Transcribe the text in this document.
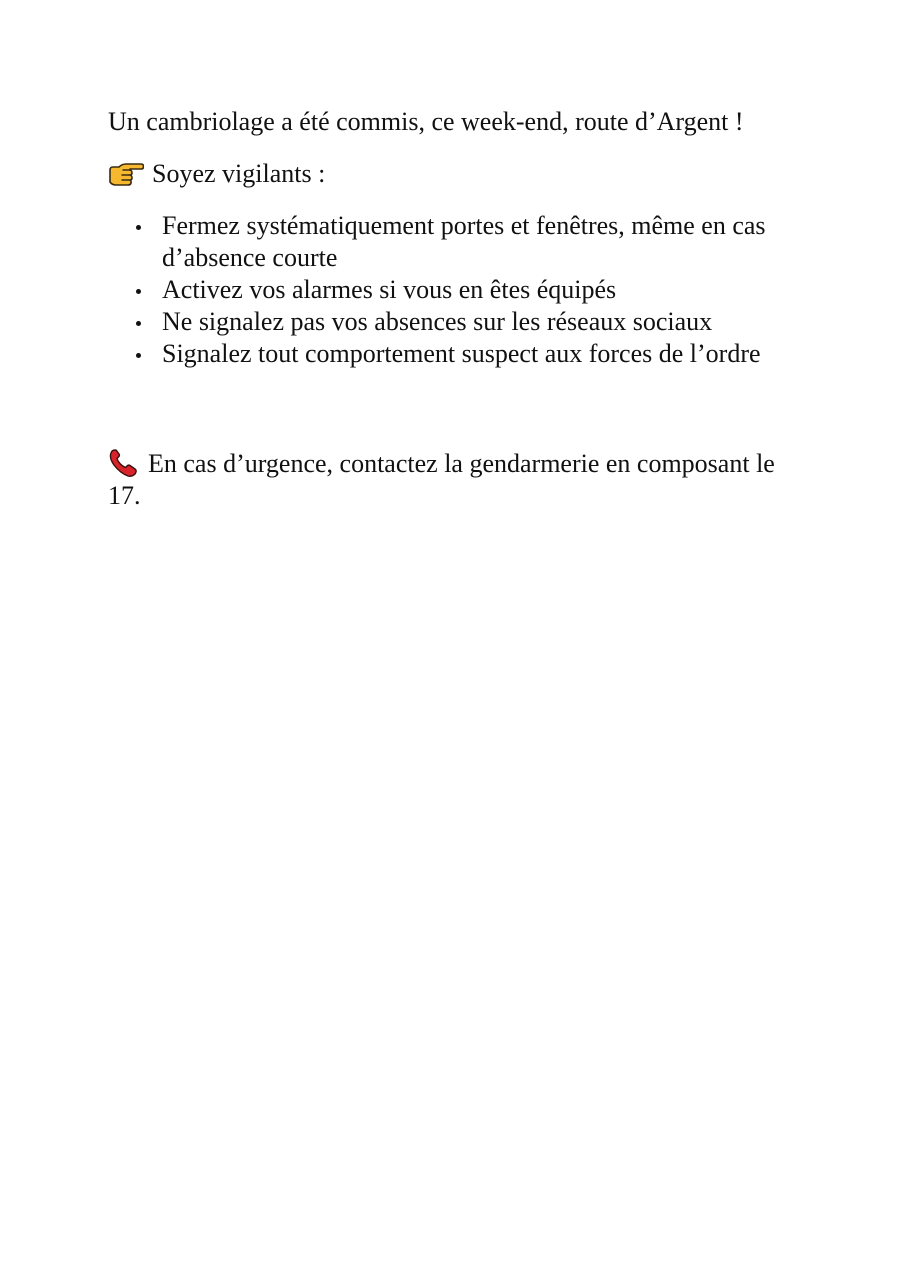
Un cambriolage a été commis, ce week-end, route d’Argent !

Soyez vigilants :

Fermez systématiquement portes et fenêtres, même en cas d’absence courte
Activez vos alarmes si vous en êtes équipés
Ne signalez pas vos absences sur les réseaux sociaux
Signalez tout comportement suspect aux forces de l’ordre

En cas d’urgence, contactez la gendarmerie en composant le 17.
